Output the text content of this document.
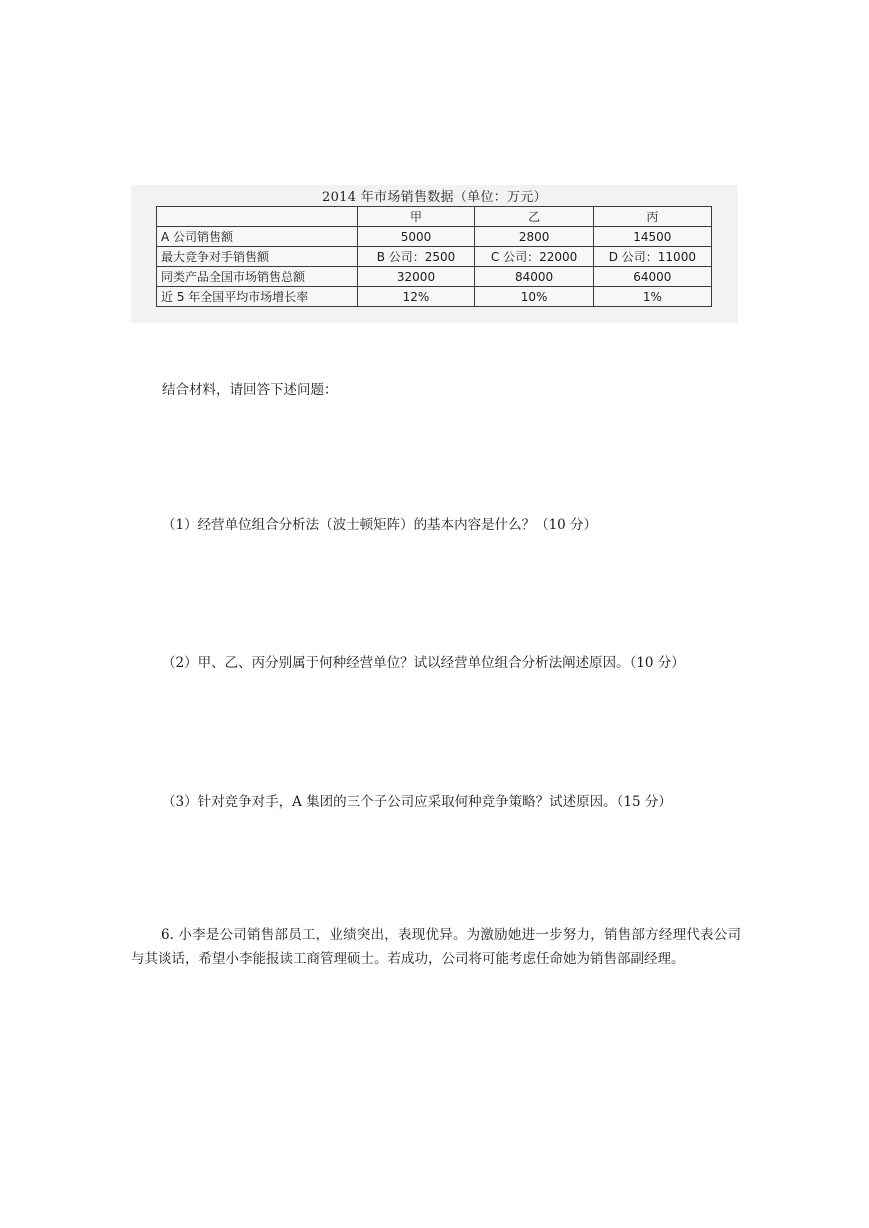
2014 年市场销售数据（单位：万元）
	甲	乙	丙
A 公司销售额	5000	2800	14500
最大竞争对手销售额	B 公司：2500	C 公司：22000	D 公司：11000
同类产品全国市场销售总额	32000	84000	64000
近 5 年全国平均市场增长率	12%	10%	1%
结合材料，请回答下述问题：
（1）经营单位组合分析法（波士顿矩阵）的基本内容是什么？（10 分）
（2）甲、乙、丙分别属于何种经营单位？试以经营单位组合分析法阐述原因。（10 分）
（3）针对竞争对手，A 集团的三个子公司应采取何种竞争策略？试述原因。（15 分）
6. 小李是公司销售部员工，业绩突出，表现优异。为激励她进一步努力，销售部方经理代表公司与其谈话，希望小李能报读工商管理硕士。若成功，公司将可能考虑任命她为销售部副经理。
